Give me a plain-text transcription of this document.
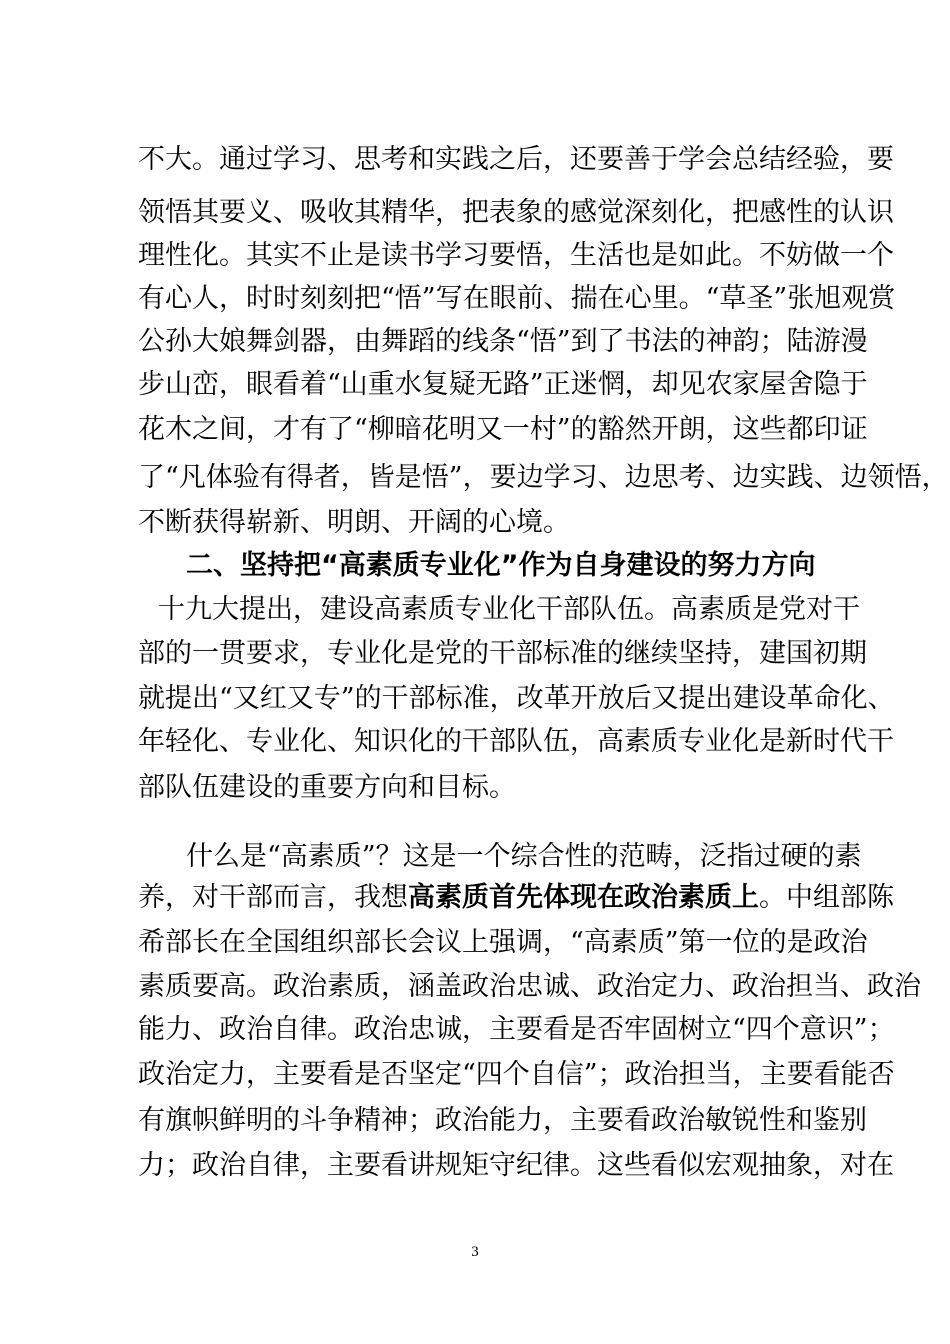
不大。通过学习、思考和实践之后，还要善于学会总结经验，要
领悟其要义、吸收其精华，把表象的感觉深刻化，把感性的认识
理性化。其实不止是读书学习要悟，生活也是如此。不妨做一个
有心人，时时刻刻把“悟”写在眼前、揣在心里。“草圣”张旭观赏
公孙大娘舞剑器，由舞蹈的线条“悟”到了书法的神韵；陆游漫
步山峦，眼看着“山重水复疑无路”正迷惘，却见农家屋舍隐于
花木之间，才有了“柳暗花明又一村”的豁然开朗，这些都印证
了“凡体验有得者，皆是悟”，要边学习、边思考、边实践、边领悟，
不断获得崭新、明朗、开阔的心境。
二、坚持把“高素质专业化”作为自身建设的努力方向
十九大提出，建设高素质专业化干部队伍。高素质是党对干
部的一贯要求，专业化是党的干部标准的继续坚持，建国初期
就提出“又红又专”的干部标准，改革开放后又提出建设革命化、
年轻化、专业化、知识化的干部队伍，高素质专业化是新时代干
部队伍建设的重要方向和目标。
什么是“高素质”？这是一个综合性的范畴，泛指过硬的素
养，对干部而言，我想高素质首先体现在政治素质上。中组部陈
希部长在全国组织部长会议上强调，“高素质”第一位的是政治
素质要高。政治素质，涵盖政治忠诚、政治定力、政治担当、政治
能力、政治自律。政治忠诚，主要看是否牢固树立“四个意识”；
政治定力，主要看是否坚定“四个自信”；政治担当，主要看能否
有旗帜鲜明的斗争精神；政治能力，主要看政治敏锐性和鉴别
力；政治自律，主要看讲规矩守纪律。这些看似宏观抽象，对在
3
